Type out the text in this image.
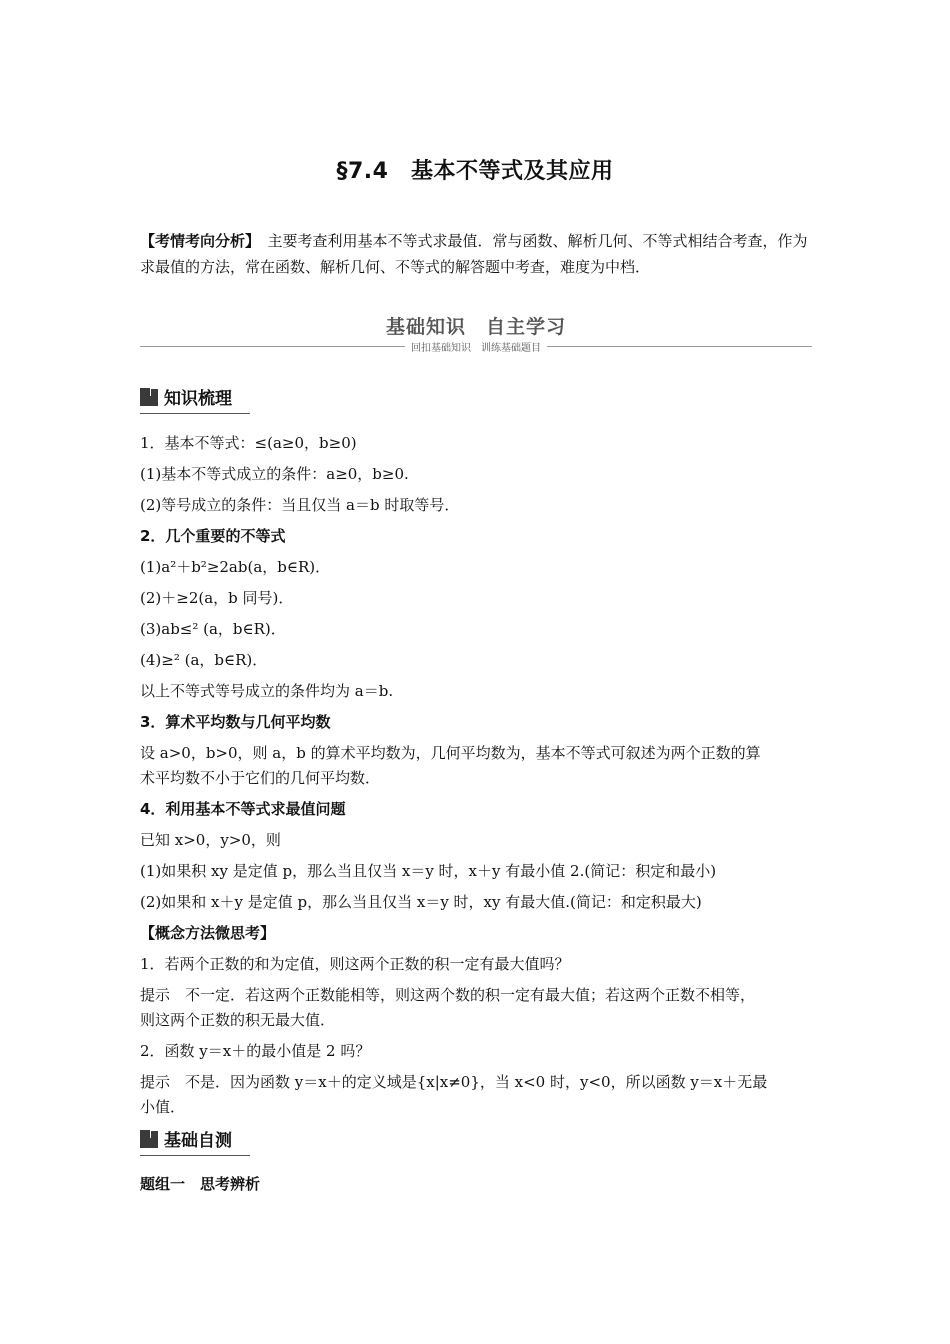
§7.4　基本不等式及其应用
【考情考向分析】　主要考查利用基本不等式求最值．常与函数、解析几何、不等式相结合考查，作为求最值的方法，常在函数、解析几何、不等式的解答题中考查，难度为中档．
基础知识　自主学习
回扣基础知识　训练基础题目
知识梳理
1．基本不等式：≤(a≥0，b≥0)
(1)基本不等式成立的条件：a≥0，b≥0.
(2)等号成立的条件：当且仅当 a＝b 时取等号．
2．几个重要的不等式
(1)a²＋b²≥2ab(a，b∈R)．
(2)＋≥2(a，b 同号)．
(3)ab≤² (a，b∈R)．
(4)≥² (a，b∈R)．
以上不等式等号成立的条件均为 a＝b.
3．算术平均数与几何平均数
设 a>0，b>0，则 a，b 的算术平均数为，几何平均数为，基本不等式可叙述为两个正数的算
术平均数不小于它们的几何平均数．
4．利用基本不等式求最值问题
已知 x>0，y>0，则
(1)如果积 xy 是定值 p，那么当且仅当 x＝y 时，x＋y 有最小值 2.(简记：积定和最小)
(2)如果和 x＋y 是定值 p，那么当且仅当 x＝y 时，xy 有最大值.(简记：和定积最大)
【概念方法微思考】
1．若两个正数的和为定值，则这两个正数的积一定有最大值吗？
提示　不一定．若这两个正数能相等，则这两个数的积一定有最大值；若这两个正数不相等，
则这两个正数的积无最大值．
2．函数 y＝x＋的最小值是 2 吗？
提示　不是．因为函数 y＝x＋的定义域是{x|x≠0}，当 x<0 时，y<0，所以函数 y＝x＋无最
小值．
基础自测
题组一　思考辨析
